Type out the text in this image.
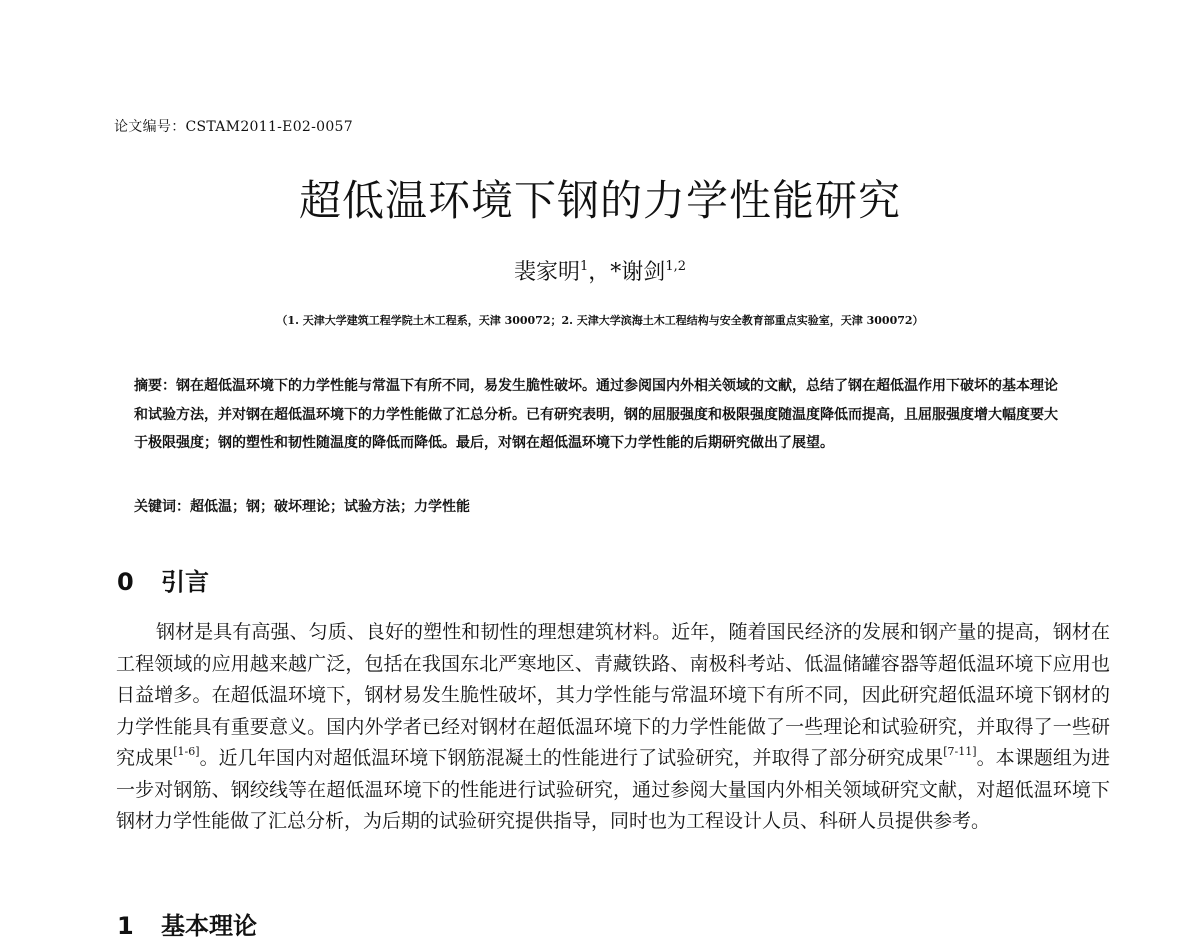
论文编号：CSTAM2011-E02-0057
超低温环境下钢的力学性能研究
裴家明$^1$，*谢剑$^{1,2}$
（1. 天津大学建筑工程学院土木工程系，天津 300072；2. 天津大学滨海土木工程结构与安全教育部重点实验室，天津 300072）

摘要：钢在超低温环境下的力学性能与常温下有所不同，易发生脆性破坏。通过参阅国内外相关领域的文献，总结了钢在超低温作用下破坏的基本理论和试验方法，并对钢在超低温环境下的力学性能做了汇总分析。已有研究表明，钢的屈服强度和极限强度随温度降低而提高，且屈服强度增大幅度要大于极限强度；钢的塑性和韧性随温度的降低而降低。最后，对钢在超低温环境下力学性能的后期研究做出了展望。

关键词：超低温；钢；破坏理论；试验方法；力学性能
0 引言

钢材是具有高强、匀质、良好的塑性和韧性的理想建筑材料。近年，随着国民经济的发展和钢产量的提高，钢材在工程领域的应用越来越广泛，包括在我国东北严寒地区、青藏铁路、南极科考站、低温储罐容器等超低温环境下应用也日益增多。在超低温环境下，钢材易发生脆性破坏，其力学性能与常温环境下有所不同，因此研究超低温环境下钢材的力学性能具有重要意义。国内外学者已经对钢材在超低温环境下的力学性能做了一些理论和试验研究，并取得了一些研究成果[1-6]。近几年国内对超低温环境下钢筋混凝土的性能进行了试验研究，并取得了部分研究成果[7-11]。本课题组为进一步对钢筋、钢绞线等在超低温环境下的性能进行试验研究，通过参阅大量国内外相关领域研究文献，对超低温环境下钢材力学性能做了汇总分析，为后期的试验研究提供指导，同时也为工程设计人员、科研人员提供参考。

1 基本理论
